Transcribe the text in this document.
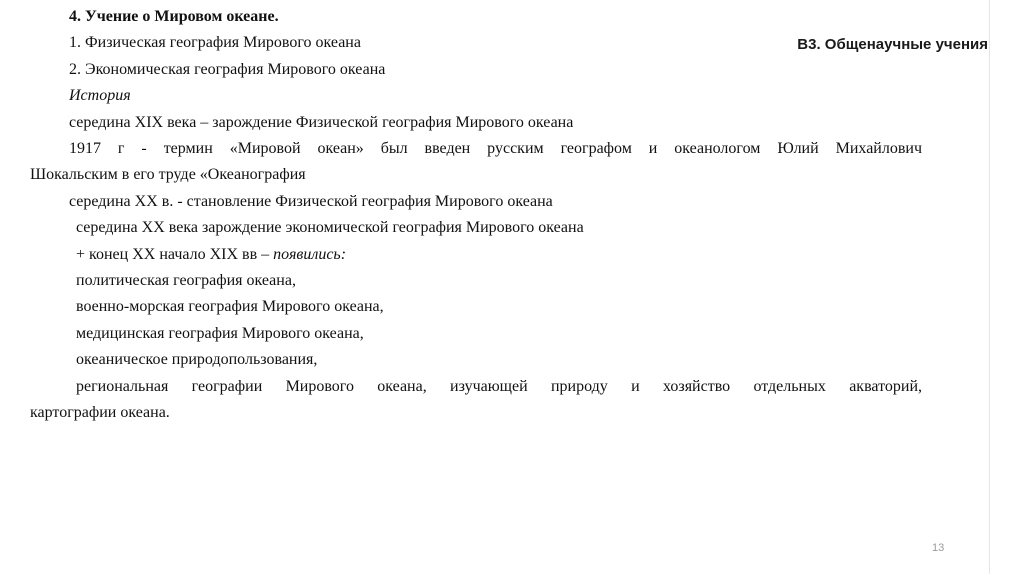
В3. Общенаучные учения

4. Учение о Мировом океане.

1. Физическая география Мирового океана

2. Экономическая география Мирового океана

История

середина XIX века – зарождение Физической география Мирового океана

1917 г - термин «Мировой океан» был введен русским географом и океанологом Юлий Михайлович

Шокальским в его труде «Океанография

середина XX в. - становление Физической география Мирового океана

середина XX века зарождение экономической география Мирового океана

+ конец XX начало XIX вв – появились:

политическая география океана,

военно-морская география Мирового океана,

медицинская география Мирового океана,

океаническое природопользования,

региональная географии Мирового океана, изучающей природу и хозяйство отдельных акваторий,

картографии океана.

13
